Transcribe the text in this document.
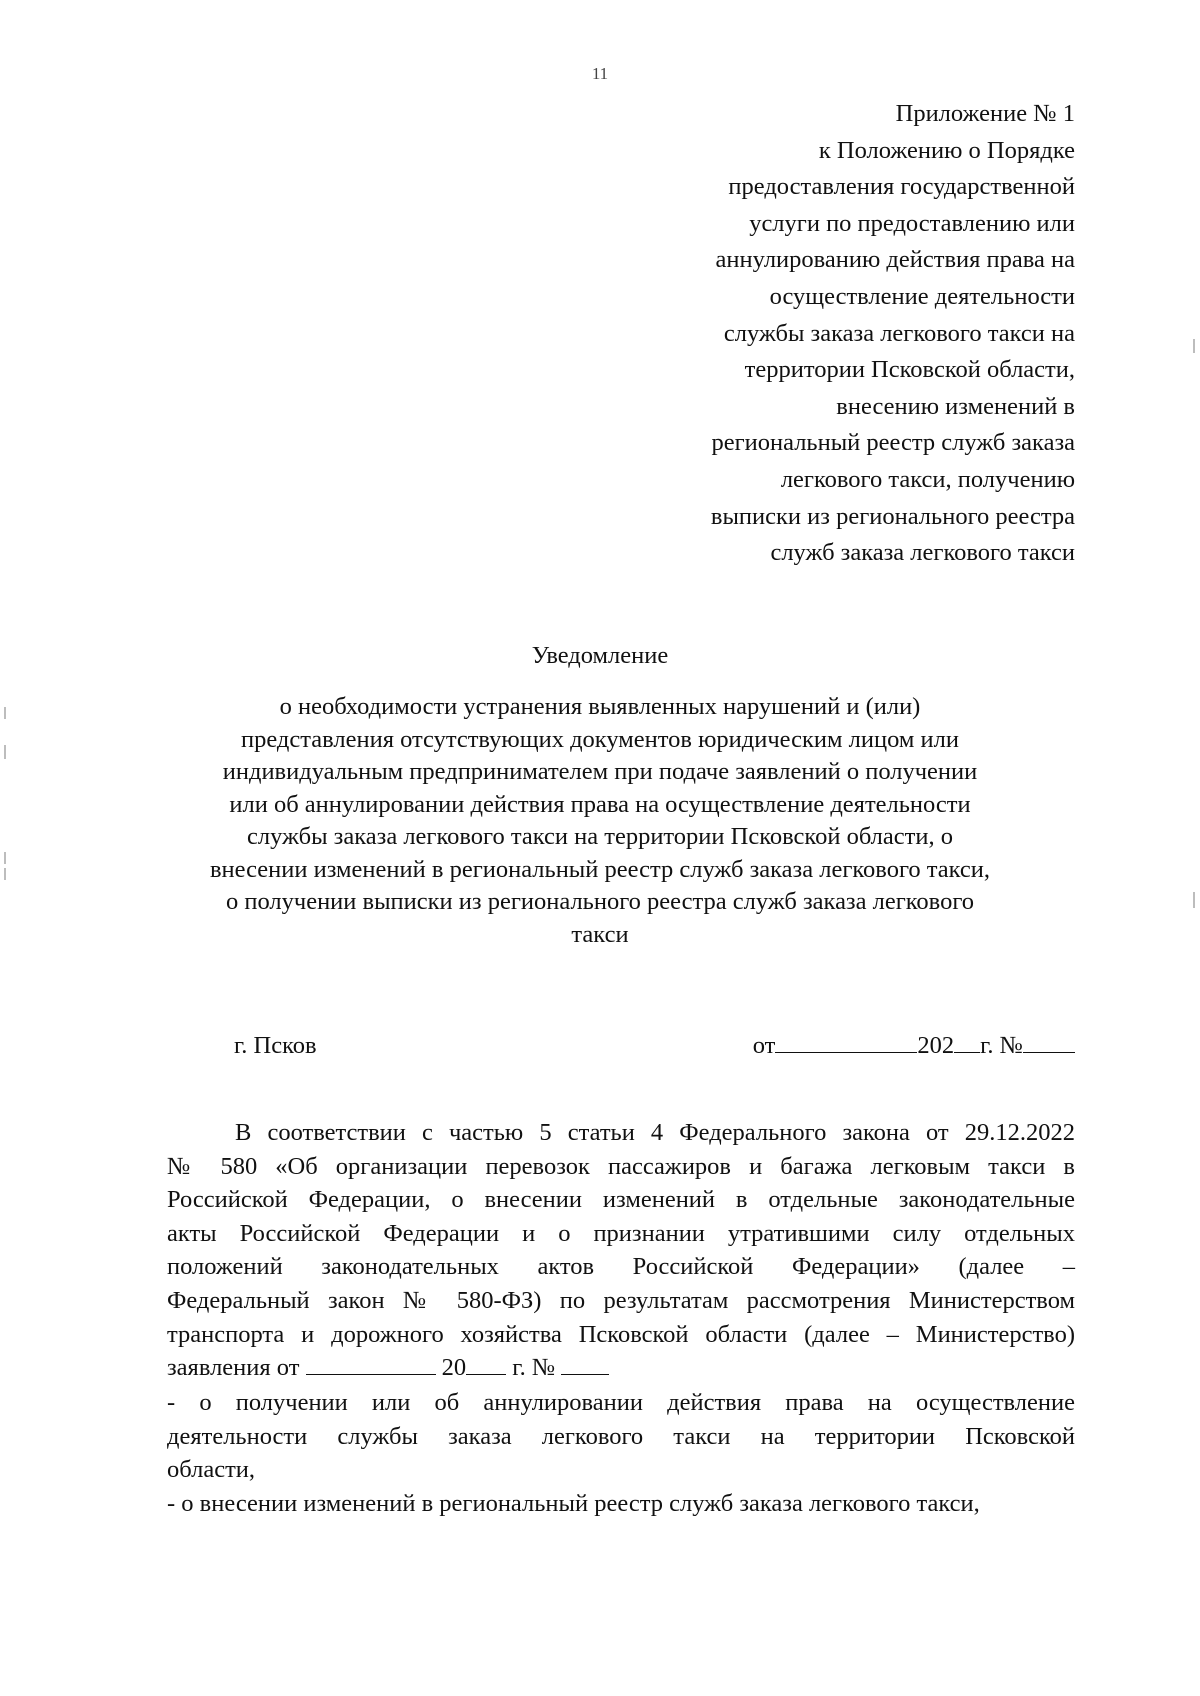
11
Приложение № 1
к Положению о Порядке
предоставления государственной
услуги по предоставлению или
аннулированию действия права на
осуществление деятельности
службы заказа легкового такси на
территории Псковской области,
внесению изменений в
региональный реестр служб заказа
легкового такси, получению
выписки из регионального реестра
служб заказа легкового такси
Уведомление
о необходимости устранения выявленных нарушений и (или)
представления отсутствующих документов юридическим лицом или
индивидуальным предпринимателем при подаче заявлений о получении
или об аннулировании действия права на осуществление деятельности
службы заказа легкового такси на территории Псковской области, о
внесении изменений в региональный реестр служб заказа легкового такси,
о получении выписки из регионального реестра служб заказа легкового
такси
г. Псков	от	202 г. №
В соответствии с частью 5 статьи 4 Федерального закона от 29.12.2022
№ 580 «Об организации перевозок пассажиров и багажа легковым такси в
Российской Федерации, о внесении изменений в отдельные законодательные
акты Российской Федерации и о признании утратившими силу отдельных
положений законодательных актов Российской Федерации» (далее –
Федеральный закон № 580-ФЗ) по результатам рассмотрения Министерством
транспорта и дорожного хозяйства Псковской области (далее – Министерство)
заявления от	20 г. №
- о получении или об аннулировании действия права на осуществление
деятельности службы заказа легкового такси на территории Псковской
области,
- о внесении изменений в региональный реестр служб заказа легкового такси,
